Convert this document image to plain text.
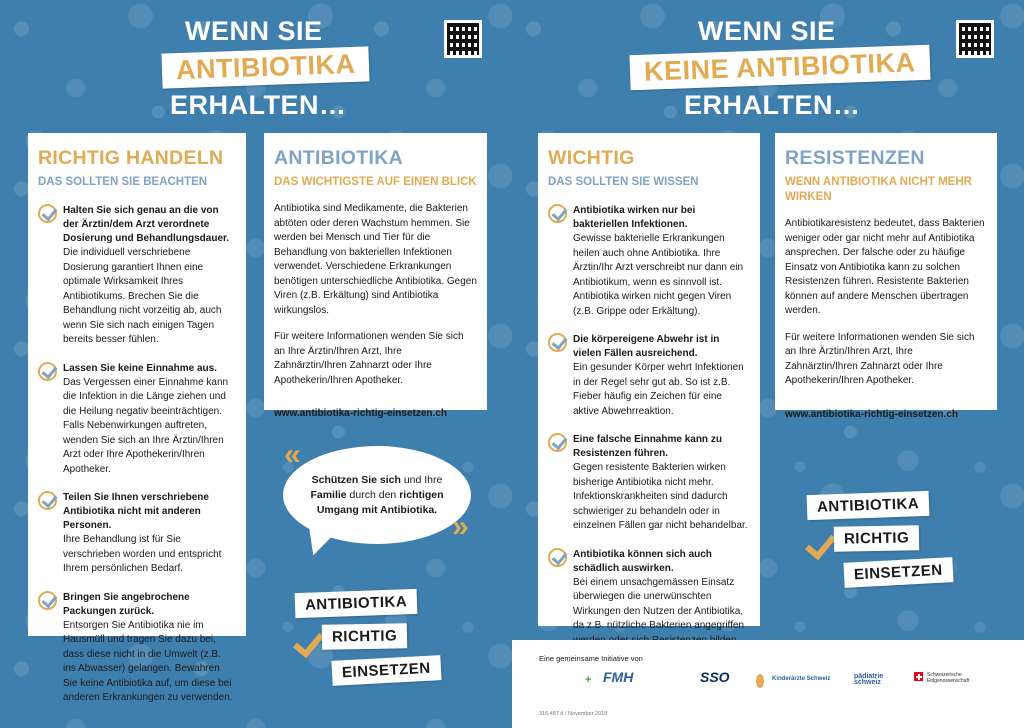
WENN SIE
ANTIBIOTIKA
ERHALTEN…
RICHTIG HANDELN
DAS SOLLTEN SIE BEACHTEN
Halten Sie sich genau an die von der Ärztin/dem Arzt verordnete Dosierung und Behandlungsdauer.
Die individuell verschriebene Dosierung garantiert Ihnen eine optimale Wirksamkeit Ihres Antibiotikums. Brechen Sie die Behandlung nicht vorzeitig ab, auch wenn Sie sich nach einigen Tagen bereits besser fühlen.
Lassen Sie keine Einnahme aus.
Das Vergessen einer Einnahme kann die Infektion in die Länge ziehen und die Heilung negativ beeinträchtigen. Falls Nebenwirkungen auftreten, wenden Sie sich an Ihre Ärztin/Ihren Arzt oder Ihre Apothekerin/Ihren Apotheker.
Teilen Sie Ihnen verschriebene Antibiotika nicht mit anderen Personen.
Ihre Behandlung ist für Sie verschrieben worden und entspricht Ihrem persönlichen Bedarf.
Bringen Sie angebrochene Packungen zurück.
Entsorgen Sie Antibiotika nie im Hausmüll und tragen Sie dazu bei, dass diese nicht in die Umwelt (z.B. ins Abwasser) gelangen. Bewahren Sie keine Antibiotika auf, um diese bei anderen Erkrankungen zu verwenden.
ANTIBIOTIKA
DAS WICHTIGSTE AUF EINEN BLICK
Antibiotika sind Medikamente, die Bakterien abtöten oder deren Wachstum hemmen. Sie werden bei Mensch und Tier für die Behandlung von bakteriellen Infektionen verwendet. Verschiedene Erkrankungen benötigen unterschiedliche Antibiotika. Gegen Viren (z.B. Erkältung) sind Antibiotika wirkungslos.
Für weitere Informationen wenden Sie sich an Ihre Ärztin/Ihren Arzt, Ihre Zahnärztin/Ihren Zahnarzt oder Ihre Apothekerin/Ihren Apotheker.
www.antibiotika-richtig-einsetzen.ch
Schützen Sie sich und Ihre Familie durch den richtigen Umgang mit Antibiotika.
«
»
ANTIBIOTIKA
RICHTIG
EINSETZEN
WENN SIE
KEINE ANTIBIOTIKA
ERHALTEN…
WICHTIG
DAS SOLLTEN SIE WISSEN
Antibiotika wirken nur bei bakteriellen Infektionen.
Gewisse bakterielle Erkrankungen heilen auch ohne Antibiotika. Ihre Ärztin/Ihr Arzt verschreibt nur dann ein Antibiotikum, wenn es sinnvoll ist. Antibiotika wirken nicht gegen Viren (z.B. Grippe oder Erkältung).
Die körpereigene Abwehr ist in vielen Fällen ausreichend.
Ein gesunder Körper wehrt Infektionen in der Regel sehr gut ab. So ist z.B. Fieber häufig ein Zeichen für eine aktive Abwehrreaktion.
Eine falsche Einnahme kann zu Resistenzen führen.
Gegen resistente Bakterien wirken bisherige Antibiotika nicht mehr. Infektionskrankheiten sind dadurch schwieriger zu behandeln oder in einzelnen Fällen gar nicht behandelbar.
Antibiotika können sich auch schädlich auswirken.
Bei einem unsachgemässen Einsatz überwiegen die unerwünschten Wirkungen den Nutzen der Antibiotika, da z.B. nützliche Bakterien angegriffen
RESISTENZEN
WENN ANTIBIOTIKA NICHT MEHR WIRKEN
Antibiotikaresistenz bedeutet, dass Bakterien weniger oder gar nicht mehr auf Antibiotika ansprechen. Der falsche oder zu häufige Einsatz von Antibiotika kann zu solchen Resistenzen führen. Resistente Bakterien können auf andere Menschen übertragen werden.
Für weitere Informationen wenden Sie sich an Ihre Ärztin/Ihren Arzt, Ihre Zahnärztin/Ihren Zahnarzt oder Ihre Apothekerin/Ihren Apotheker.
www.antibiotika-richtig-einsetzen.ch
ANTIBIOTIKA
RICHTIG
EINSETZEN
Eine gemeinsame Initiative von
+ FMH	SSO	Kinderärzte Schweiz	pädiatrie schweiz
Schweizerische Eidgenossenschaft
316.487.d / November 2018
